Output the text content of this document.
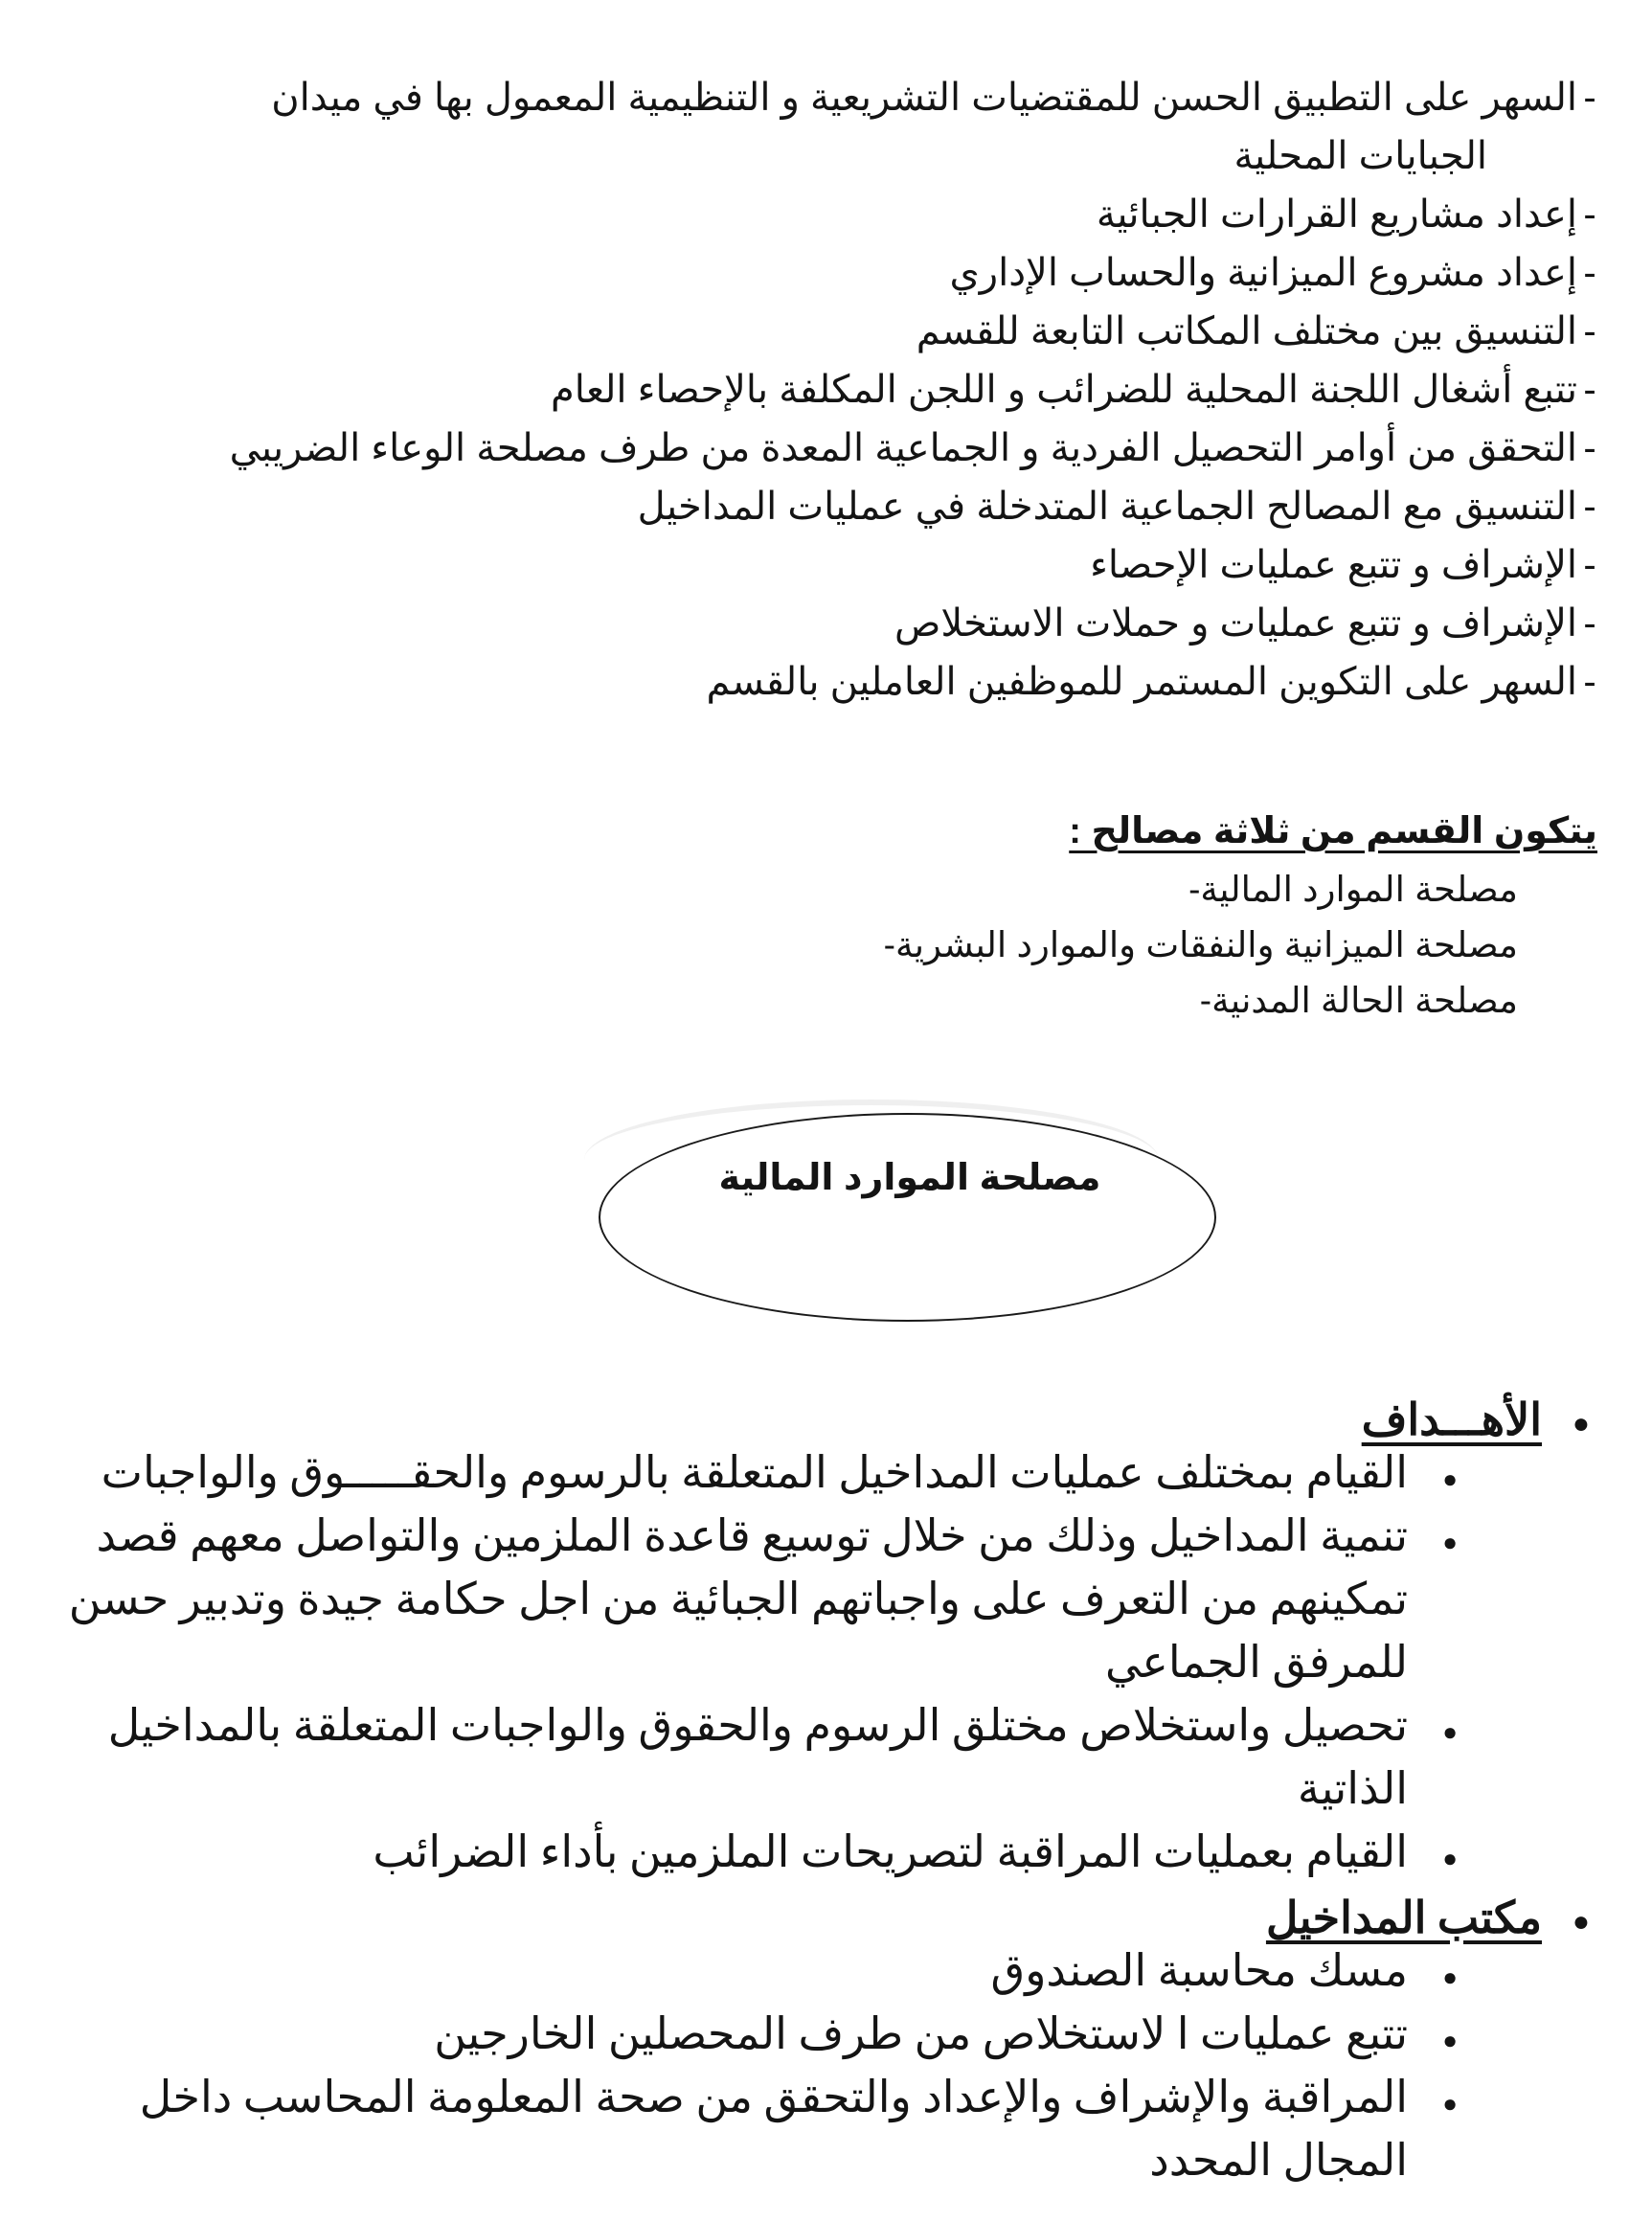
-السهر على التطبيق الحسن للمقتضيات التشريعية و التنظيمية المعمول بها في ميدان
الجبايات المحلية
-إعداد مشاريع القرارات الجبائية
-إعداد مشروع الميزانية والحساب الإداري
-التنسيق بين مختلف المكاتب التابعة للقسم
-تتبع أشغال اللجنة المحلية للضرائب و اللجن المكلفة بالإحصاء العام
-التحقق من أوامر التحصيل الفردية و الجماعية المعدة من طرف مصلحة الوعاء الضريبي
-التنسيق مع المصالح الجماعية المتدخلة في عمليات المداخيل
-الإشراف و تتبع عمليات الإحصاء
-الإشراف و تتبع عمليات و حملات الاستخلاص
-السهر على التكوين المستمر للموظفين العاملين بالقسم
يتكون القسم من ثلاثة مصالح :
مصلحة الموارد المالية-
مصلحة الميزانية والنفقات والموارد البشرية-
مصلحة الحالة المدنية-
مصلحة الموارد المالية
●الأهـــداف
●
القيام بمختلف عمليات المداخيل المتعلقة بالرسوم والحقـــــوق والواجبات
●
تنمية المداخيل وذلك من خلال توسيع قاعدة الملزمين والتواصل معهم قصد
تمكينهم من التعرف على واجباتهم الجبائية من اجل حكامة جيدة وتدبير حسن
للمرفق الجماعي
●
تحصيل واستخلاص مختلق الرسوم والحقوق والواجبات المتعلقة بالمداخيل
الذاتية
●
القيام بعمليات المراقبة لتصريحات الملزمين بأداء الضرائب
●مكتب المداخيل
●
مسك محاسبة الصندوق
●
تتبع عمليات ا لاستخلاص من طرف المحصلين الخارجين
●
المراقبة والإشراف والإعداد والتحقق من صحة المعلومة المحاسب داخل
المجال المحدد
